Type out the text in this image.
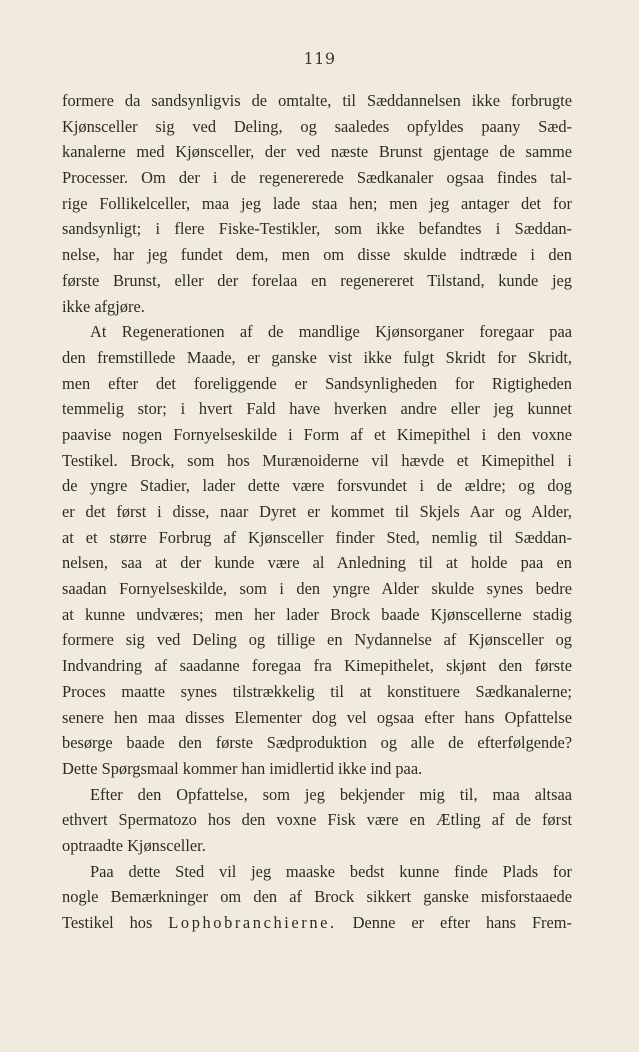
119
formere da sandsynligvis de omtalte, til Sæddannelsen ikke forbrugte
Kjønsceller sig ved Deling, og saaledes opfyldes paany Sæd-
kanalerne med Kjønsceller, der ved næste Brunst gjentage de samme
Processer. Om der i de regenererede Sædkanaler ogsaa findes tal-
rige Follikelceller, maa jeg lade staa hen; men jeg antager det for
sandsynligt; i flere Fiske-Testikler, som ikke befandtes i Sæddan-
nelse, har jeg fundet dem, men om disse skulde indtræde i den
første Brunst, eller der forelaa en regenereret Tilstand, kunde jeg
ikke afgjøre.
At Regenerationen af de mandlige Kjønsorganer foregaar paa
den fremstillede Maade, er ganske vist ikke fulgt Skridt for Skridt,
men efter det foreliggende er Sandsynligheden for Rigtigheden
temmelig stor; i hvert Fald have hverken andre eller jeg kunnet
paavise nogen Fornyelseskilde i Form af et Kimepithel i den voxne
Testikel. Brock, som hos Murænoiderne vil hævde et Kimepithel i
de yngre Stadier, lader dette være forsvundet i de ældre; og dog
er det først i disse, naar Dyret er kommet til Skjels Aar og Alder,
at et større Forbrug af Kjønsceller finder Sted, nemlig til Sæddan-
nelsen, saa at der kunde være al Anledning til at holde paa en
saadan Fornyelseskilde, som i den yngre Alder skulde synes bedre
at kunne undværes; men her lader Brock baade Kjønscellerne stadig
formere sig ved Deling og tillige en Nydannelse af Kjønsceller og
Indvandring af saadanne foregaa fra Kimepithelet, skjønt den første
Proces maatte synes tilstrækkelig til at konstituere Sædkanalerne;
senere hen maa disses Elementer dog vel ogsaa efter hans Opfattelse
besørge baade den første Sædproduktion og alle de efterfølgende?
Dette Spørgsmaal kommer han imidlertid ikke ind paa.
Efter den Opfattelse, som jeg bekjender mig til, maa altsaa
ethvert Spermatozo hos den voxne Fisk være en Ætling af de først
optraadte Kjønsceller.
Paa dette Sted vil jeg maaske bedst kunne finde Plads for
nogle Bemærkninger om den af Brock sikkert ganske misforstaaede
Testikel hos Lophobranchierne. Denne er efter hans Frem-
